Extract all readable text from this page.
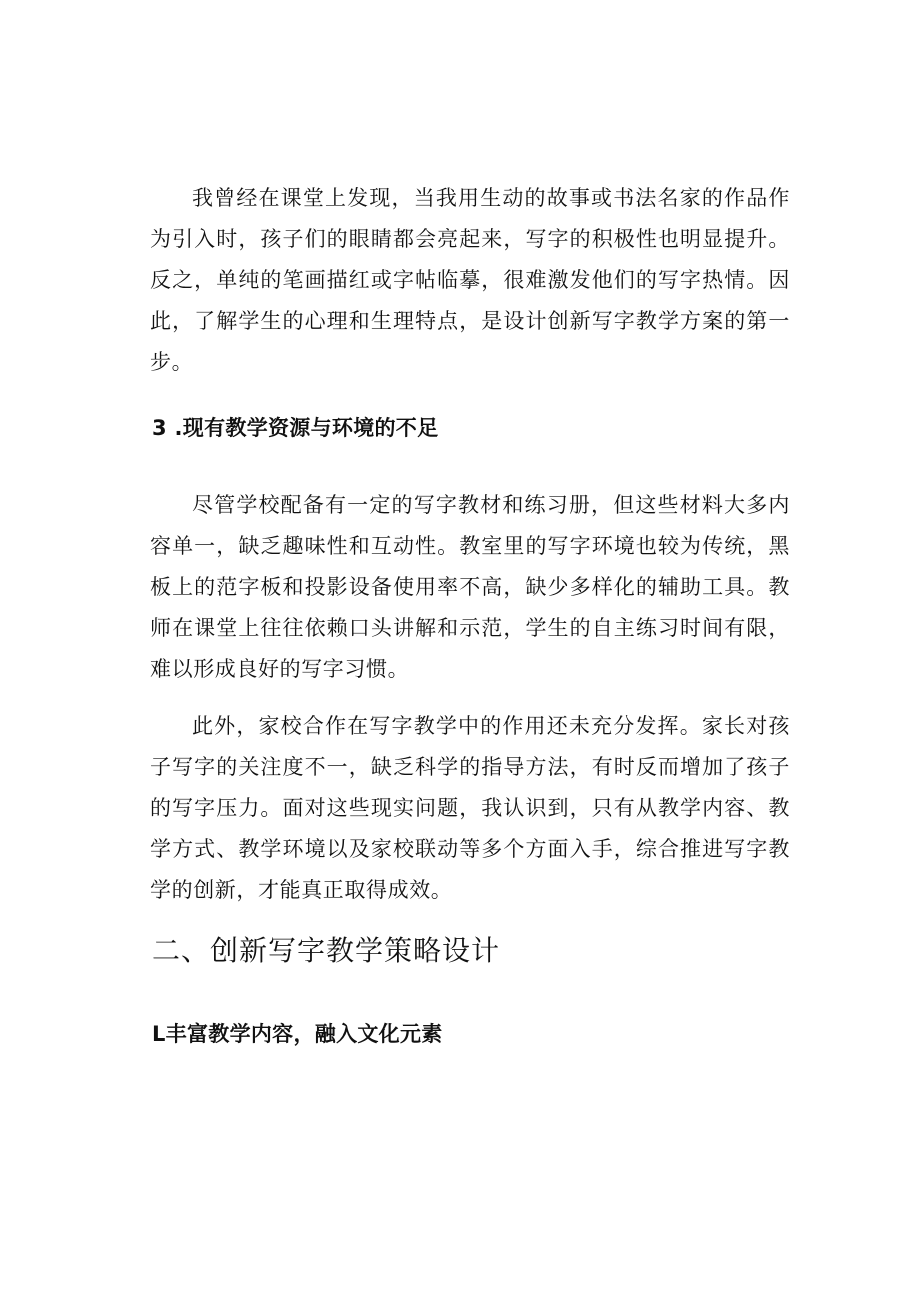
我曾经在课堂上发现，当我用生动的故事或书法名家的作品作为引入时，孩子们的眼睛都会亮起来，写字的积极性也明显提升。反之，单纯的笔画描红或字帖临摹，很难激发他们的写字热情。因此，了解学生的心理和生理特点，是设计创新写字教学方案的第一步。

3 .现有教学资源与环境的不足

尽管学校配备有一定的写字教材和练习册，但这些材料大多内容单一，缺乏趣味性和互动性。教室里的写字环境也较为传统，黑板上的范字板和投影设备使用率不高，缺少多样化的辅助工具。教师在课堂上往往依赖口头讲解和示范，学生的自主练习时间有限，难以形成良好的写字习惯。

此外，家校合作在写字教学中的作用还未充分发挥。家长对孩子写字的关注度不一，缺乏科学的指导方法，有时反而增加了孩子的写字压力。面对这些现实问题，我认识到，只有从教学内容、教学方式、教学环境以及家校联动等多个方面入手，综合推进写字教学的创新，才能真正取得成效。

二、创新写字教学策略设计
L丰富教学内容，融入文化元素
